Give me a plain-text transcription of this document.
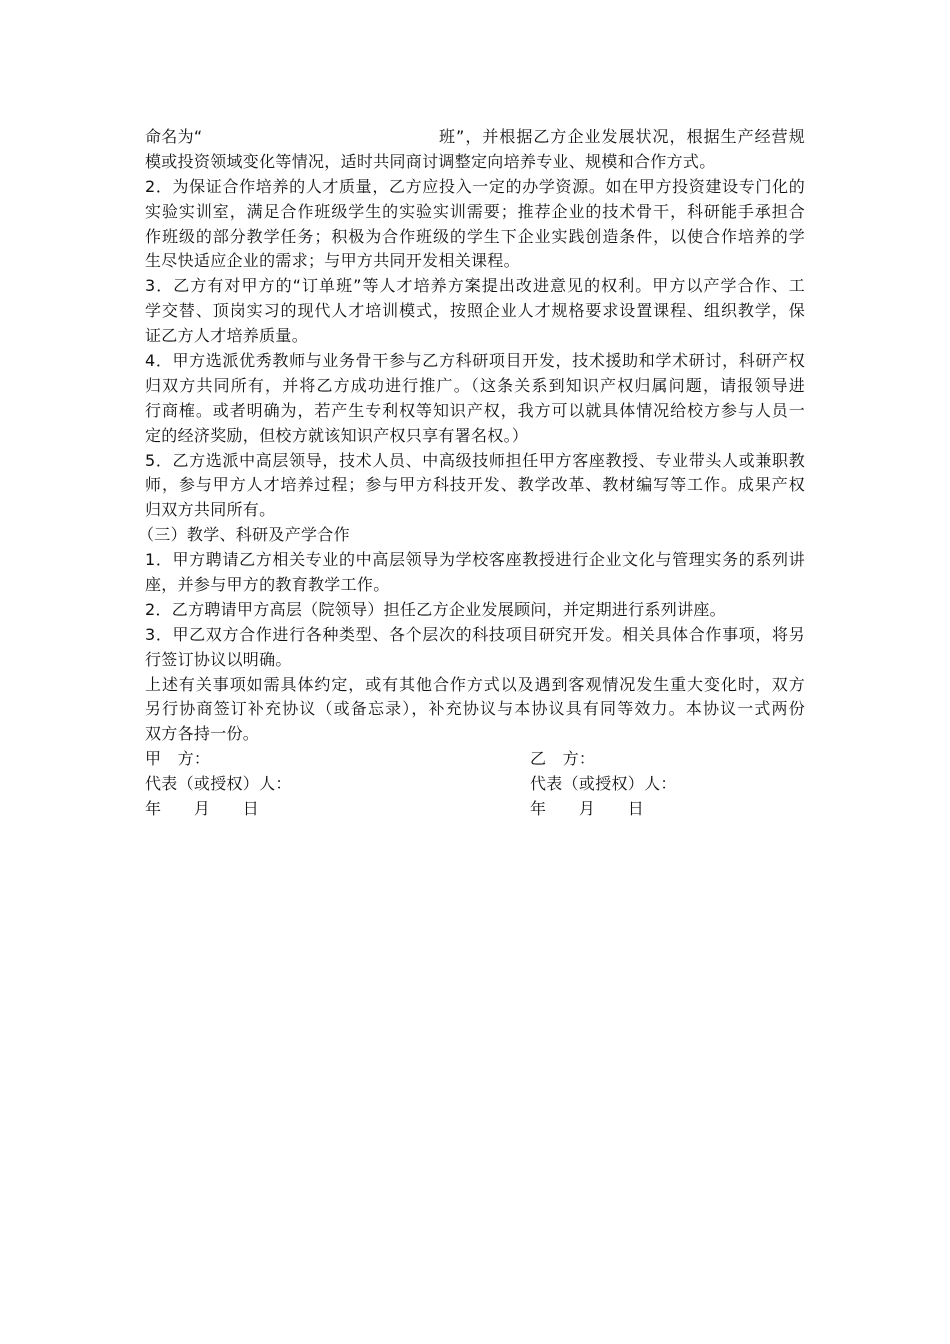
命名为“	班”，并根据乙方企业发展状况，根据生产经营规
模或投资领域变化等情况，适时共同商讨调整定向培养专业、规模和合作方式。
2．为保证合作培养的人才质量，乙方应投入一定的办学资源。如在甲方投资建设专门化的
实验实训室，满足合作班级学生的实验实训需要；推荐企业的技术骨干，科研能手承担合
作班级的部分教学任务；积极为合作班级的学生下企业实践创造条件，以使合作培养的学
生尽快适应企业的需求；与甲方共同开发相关课程。
3．乙方有对甲方的“订单班”等人才培养方案提出改进意见的权利。甲方以产学合作、工
学交替、顶岗实习的现代人才培训模式，按照企业人才规格要求设置课程、组织教学，保
证乙方人才培养质量。
4．甲方选派优秀教师与业务骨干参与乙方科研项目开发，技术援助和学术研讨，科研产权
归双方共同所有，并将乙方成功进行推广。（这条关系到知识产权归属问题，请报领导进
行商榷。或者明确为，若产生专利权等知识产权，我方可以就具体情况给校方参与人员一
定的经济奖励，但校方就该知识产权只享有署名权。）
5．乙方选派中高层领导，技术人员、中高级技师担任甲方客座教授、专业带头人或兼职教
师，参与甲方人才培养过程；参与甲方科技开发、教学改革、教材编写等工作。成果产权
归双方共同所有。
（三）教学、科研及产学合作
1．甲方聘请乙方相关专业的中高层领导为学校客座教授进行企业文化与管理实务的系列讲
座，并参与甲方的教育教学工作。
2．乙方聘请甲方高层（院领导）担任乙方企业发展顾问，并定期进行系列讲座。
3．甲乙双方合作进行各种类型、各个层次的科技项目研究开发。相关具体合作事项，将另
行签订协议以明确。
上述有关事项如需具体约定，或有其他合作方式以及遇到客观情况发生重大变化时，双方
另行协商签订补充协议（或备忘录），补充协议与本协议具有同等效力。本协议一式两份
双方各持一份。
甲　方：	乙　方：
代表（或授权）人：	代表（或授权）人：
年　　月　　日	年　　月　　日
